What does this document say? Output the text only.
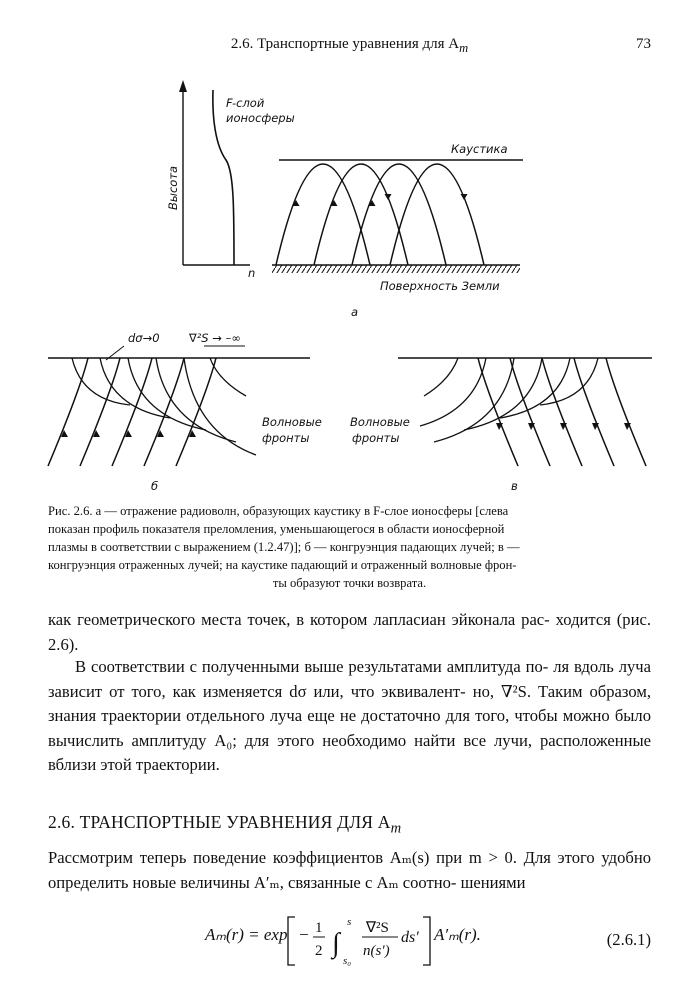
2.6. Транспортные уравнения для $A_m$	73
Высота
n
F-слой
ионосферы
Каустика
Поверхность Земли
а
dσ→0	∇²S → –∞
Волновые
фронты
б
Волновые
фронты
в
Рис. 2.6. а — отражение радиоволн, образующих каустику в F-слое ионосферы [слева
показан профиль показателя преломления, уменьшающегося в области ионосферной
плазмы в соответствии с выражением (1.2.47)]; б — конгруэнция падающих лучей; в —
конгруэнция отраженных лучей; на каустике падающий и отраженный волновые фрон-
ты образуют точки возврата.
как геометрического места точек, в котором лапласиан эйконала рас- ходится (рис. 2.6).
В соответствии с полученными выше результатами амплитуда по- ля вдоль луча зависит от того, как изменяется dσ или, что эквивалент- но, ∇²S. Таким образом, знания траектории отдельного луча еще не достаточно для того, чтобы можно было вычислить амплитуду A₀; для этого необходимо найти все лучи, расположенные вблизи этой траектории.
2.6. ТРАНСПОРТНЫЕ УРАВНЕНИЯ ДЛЯ $A_m$
Рассмотрим теперь поведение коэффициентов Aₘ(s) при m > 0. Для этого удобно определить новые величины A′ₘ, связанные с Aₘ соотно- шениями
Aₘ(r) = exp − 1
2 ∫
s
s₀
∇²S
n(s′)
ds′ A′ₘ(r).	(2.6.1)
